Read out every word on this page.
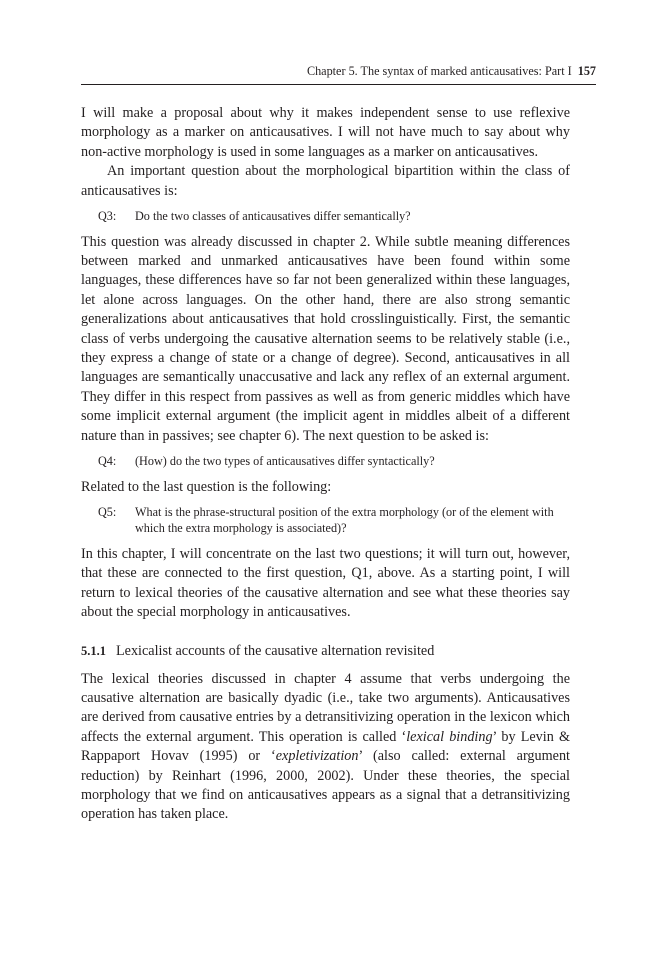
Chapter 5. The syntax of marked anticausatives: Part I 157

I will make a proposal about why it makes independent sense to use reflexive morphology as a marker on anticausatives. I will not have much to say about why non-active morphology is used in some languages as a marker on anticausatives.

An important question about the morphological bipartition within the class of anticausatives is:

Q3: Do the two classes of anticausatives differ semantically?

This question was already discussed in chapter 2. While subtle meaning differences between marked and unmarked anticausatives have been found within some languages, these differences have so far not been generalized within these languages, let alone across languages. On the other hand, there are also strong semantic generalizations about anticausatives that hold crosslinguistically. First, the semantic class of verbs undergoing the causative alternation seems to be relatively stable (i.e., they express a change of state or a change of degree). Second, anticausatives in all languages are semantically unaccusative and lack any reflex of an external argument. They differ in this respect from passives as well as from generic middles which have some implicit external argument (the implicit agent in middles albeit of a different nature than in passives; see chapter 6). The next question to be asked is:

Q4: (How) do the two types of anticausatives differ syntactically?

Related to the last question is the following:

Q5: What is the phrase-structural position of the extra morphology (or of the element with which the extra morphology is associated)?

In this chapter, I will concentrate on the last two questions; it will turn out, however, that these are connected to the first question, Q1, above. As a starting point, I will return to lexical theories of the causative alternation and see what these theories say about the special morphology in anticausatives.

5.1.1 Lexicalist accounts of the causative alternation revisited

The lexical theories discussed in chapter 4 assume that verbs undergoing the causative alternation are basically dyadic (i.e., take two arguments). Anticausatives are derived from causative entries by a detransitivizing operation in the lexicon which affects the external argument. This operation is called ‘lexical binding’ by Levin & Rappaport Hovav (1995) or ‘expletivization’ (also called: external argument reduction) by Reinhart (1996, 2000, 2002). Under these theories, the special morphology that we find on anticausatives appears as a signal that a detransitivizing operation has taken place.
